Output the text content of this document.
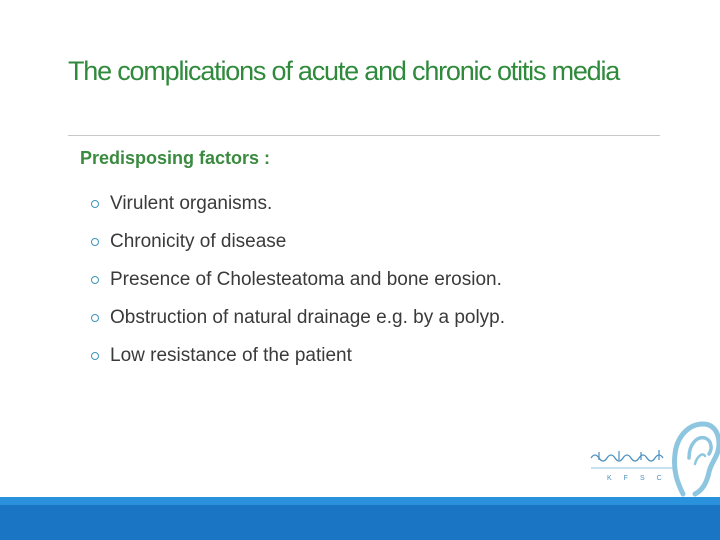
The complications of acute and chronic otitis media
Predisposing factors :
Virulent organisms.
Chronicity of disease
Presence of Cholesteatoma and bone erosion.
Obstruction of natural drainage e.g. by a polyp.
Low resistance of the patient
KFSC
